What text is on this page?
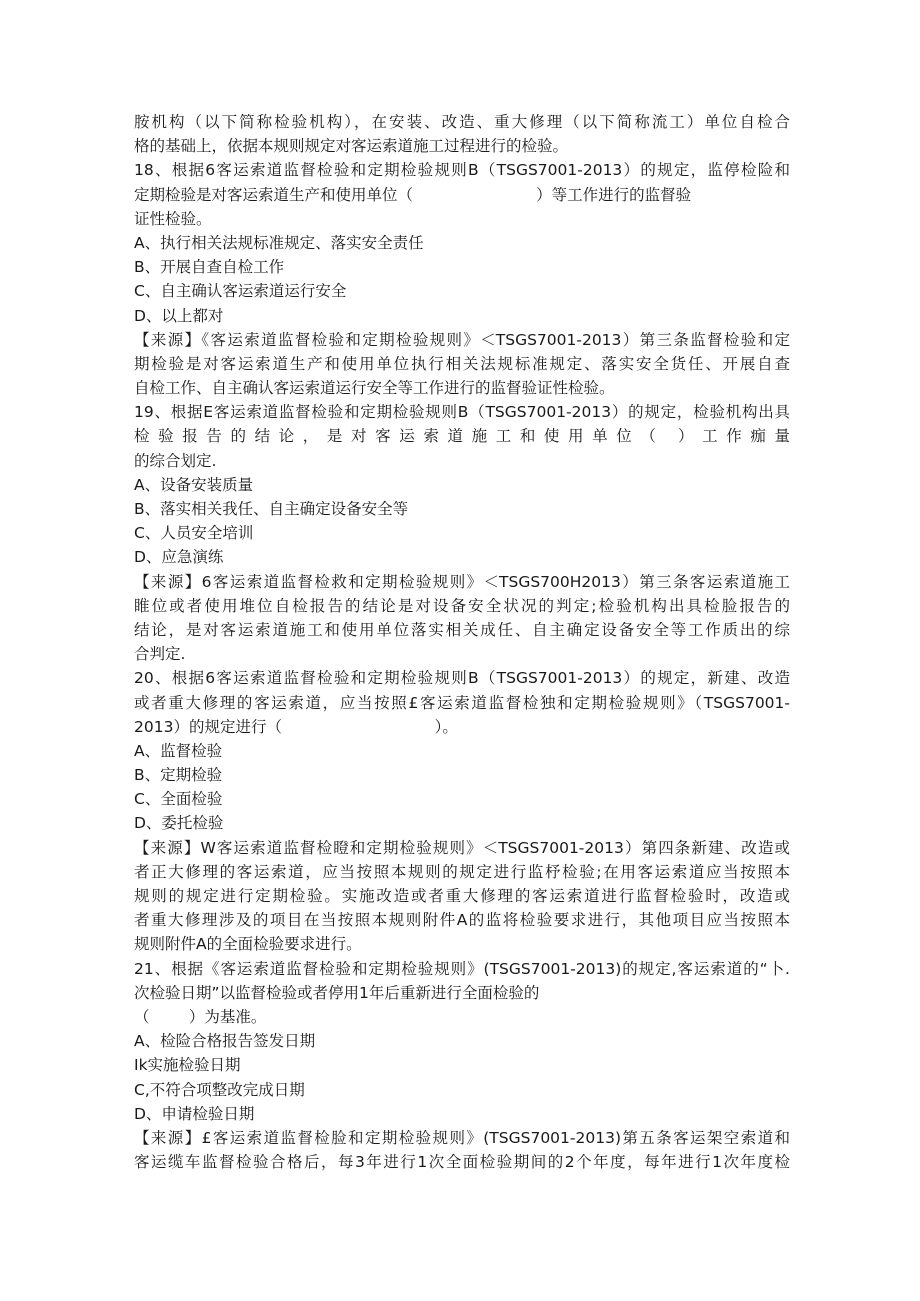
胺机构（以下简称检验机构），在安装、改造、重大修理（以下简称流工）单位自检合
格的基础上，依据本规则规定对客运索道施工过程进行的检验。
18、根据6客运索道监督检验和定期检验规则B（TSGS7001-2013）的规定，监停检险和
定期检验是对客运索道生产和使用单位（                         ）等工作进行的监督验
证性检验。
A、执行相关法规标准规定、落实安全责任
B、开展自查自检工作
C、自主确认客运索道运行安全
D、以上都对
【来源】《客运索道监督检验和定期检验规则》＜TSGS7001-2013）第三条监督检验和定
期检验是对客运索道生产和使用单位执行相关法规标准规定、落实安全货任、开展自查
自检工作、自主确认客运索道运行安全等工作进行的监督验证性检验。
19、根据E客运索道监督检验和定期检验规则B（TSGS7001-2013）的规定，检验机构出具
检验报告的结论，是对客运索道施工和使用单位（ ）工作痂量
的综合划定.
A、设备安装质量
B、落实相关我任、自主确定设备安全等
C、人员安全培训
D、应急演练
【来源】6客运索道监督检救和定期检验规则》＜TSGS700H2013）第三条客运索道施工
睢位或者使用堆位自检报告的结论是对设备安全状况的判定;检验机构出具检脸报告的
结论，是对客运索道施工和使用单位落实相关成任、自主确定设备安全等工作质出的综
合判定.
20、根据6客运索道监督检验和定期检验规则B（TSGS7001-2013）的规定，新建、改造
或者重大修理的客运索道，应当按照£客运索道监督检独和定期检验规则》（TSGS7001-
2013）的规定进行（                               ）。
A、监督检验
B、定期检验
C、全面检验
D、委托检验
【来源】W客运索道监督检瞪和定期检验规则》＜TSGS7001-2013）第四条新建、改造或
者正大修理的客运索道，应当按照本规则的规定进行监杼检验;在用客运索道应当按照本
规则的规定进行定期检验。实施改造或者重大修理的客运索道进行监督检验时，改造或
者重大修理涉及的项目在当按照本规则附件A的监将检验要求进行，其他项目应当按照本
规则附件A的全面检验要求进行。
21、根据《客运索道监督检验和定期检验规则》(TSGS7001-2013)的规定,客运索道的“卜.
次检验日期”以监督检验或者停用1年后重新进行全面检验的
（        ）为基准。
A、检险合格报告签发日期
Ik实施检验日期
C,不符合项整改完成日期
D、申请检验日期
【来源】£客运索道监督检脸和定期检验规则》(TSGS7001-2013)第五条客运架空索道和
客运缆车监督检验合格后，每3年进行1次全面检验期间的2个年度，每年进行1次年度检
